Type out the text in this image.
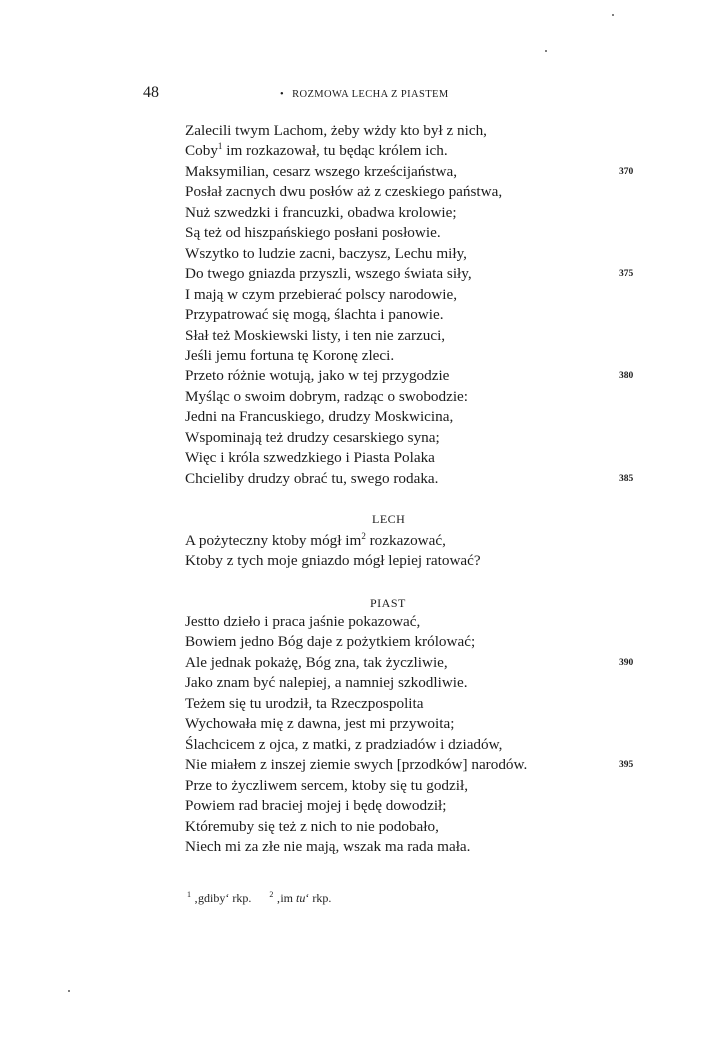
48	• ROZMOWA LECHA Z PIASTEM
Zalecili twym Lachom, żeby wżdy kto był z nich,
Coby$^1$ im rozkazował, tu będąc królem ich.
Maksymilian, cesarz wszego krześcijaństwa,	370
Posłał zacnych dwu posłów aż z czeskiego państwa,
Nuż szwedzki i francuzki, obadwa krolowie;
Są też od hiszpańskiego posłani posłowie.
Wszytko to ludzie zacni, baczysz, Lechu miły,
Do twego gniazda przyszli, wszego świata siły,	375
I mają w czym przebierać polscy narodowie,
Przypatrować się mogą, ślachta i panowie.
Słał też Moskiewski listy, i ten nie zarzuci,
Jeśli jemu fortuna tę Koronę zleci.
Przeto różnie wotują, jako w tej przygodzie	380
Myśląc o swoim dobrym, radząc o swobodzie:
Jedni na Francuskiego, drudzy Moskwicina,
Wspominają też drudzy cesarskiego syna;
Więc i króla szwedzkiego i Piasta Polaka
Chcieliby drudzy obrać tu, swego rodaka.	385
LECH
A pożyteczny ktoby mógł im$^2$ rozkazować,
Ktoby z tych moje gniazdo mógł lepiej ratować?
PIAST
Jestto dzieło i praca jaśnie pokazować,
Bowiem jedno Bóg daje z pożytkiem królować;
Ale jednak pokażę, Bóg zna, tak życzliwie,	390
Jako znam być nalepiej, a namniej szkodliwie.
Teżem się tu urodził, ta Rzeczpospolita
Wychowała mię z dawna, jest mi przywoita;
Ślachcicem z ojca, z matki, z pradziadów i dziadów,
Nie miałem z inszej ziemie swych [przodków] narodów.	395
Prze to życzliwem sercem, ktoby się tu godził,
Powiem rad braciej mojej i będę dowodził;
Któremuby się też z nich to nie podobało,
Niech mi za złe nie mają, wszak ma rada mała.
$^1$ ‚gdiby‘ rkp. $^2$ ‚im tu‘ rkp.
